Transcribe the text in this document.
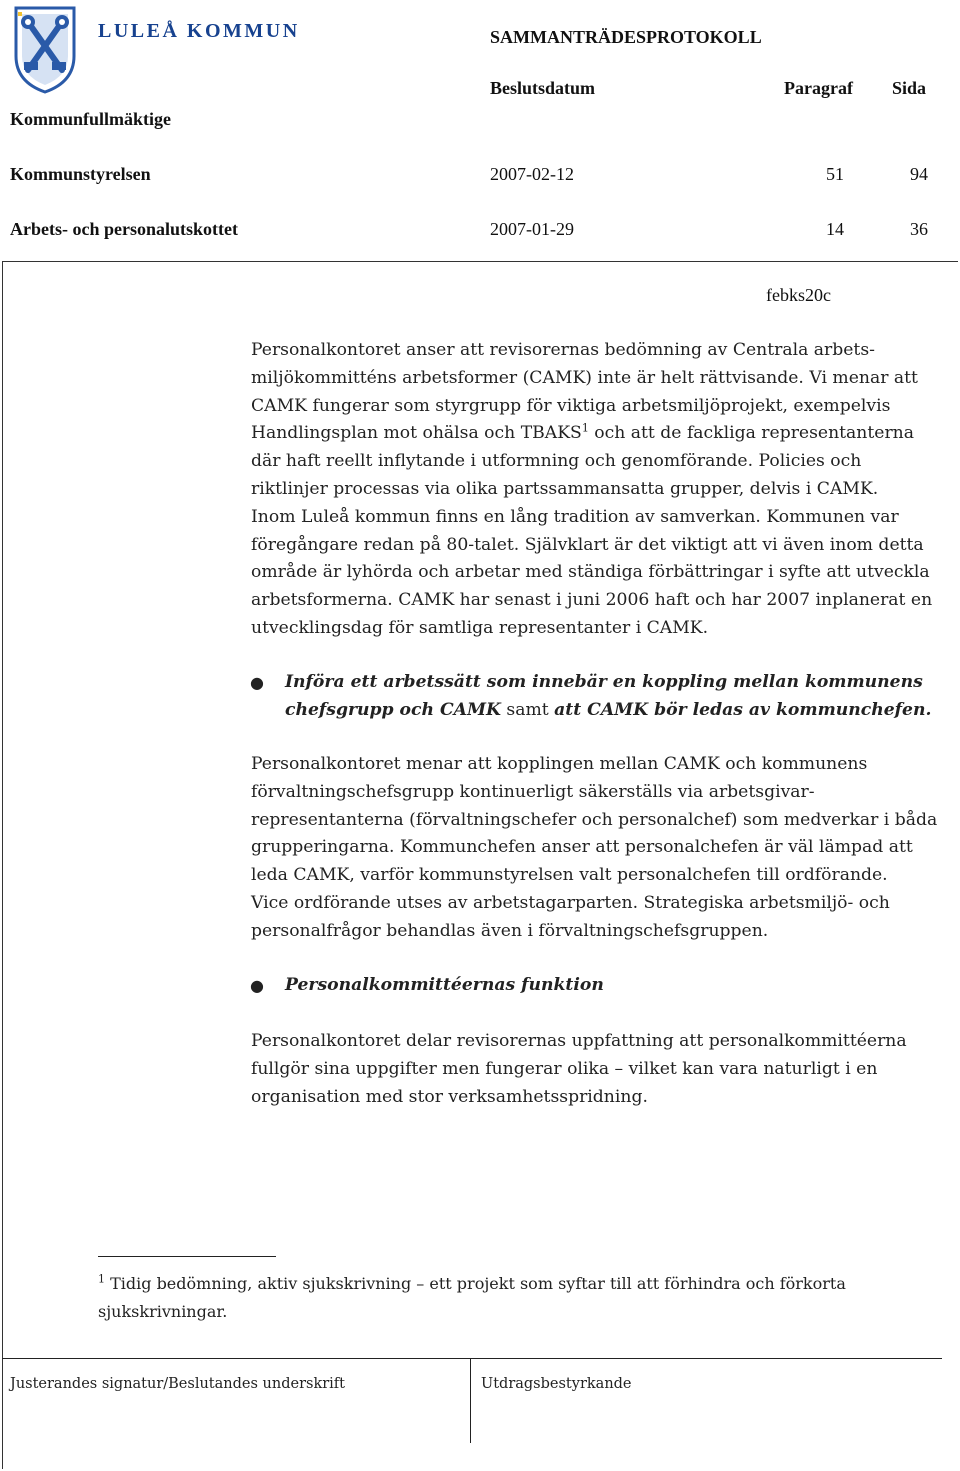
LULEÅ KOMMUN	SAMMANTRÄDESPROTOKOLL
Beslutsdatum	Paragraf Sida
Kommunfullmäktige
Kommunstyrelsen	2007-02-12	51	94
Arbets- och personalutskottet	2007-01-29	14	36
febks20c
Personalkontoret anser att revisorernas bedömning av Centrala arbets-
miljökommitténs arbetsformer (CAMK) inte är helt rättvisande. Vi menar att
CAMK fungerar som styrgrupp för viktiga arbetsmiljöprojekt, exempelvis
Handlingsplan mot ohälsa och TBAKS$^1$ och att de fackliga representanterna
där haft reellt inflytande i utformning och genomförande. Policies och
riktlinjer processas via olika partssammansatta grupper, delvis i CAMK.
Inom Luleå kommun finns en lång tradition av samverkan. Kommunen var
föregångare redan på 80-talet. Självklart är det viktigt att vi även inom detta
område är lyhörda och arbetar med ständiga förbättringar i syfte att utveckla
arbetsformerna. CAMK har senast i juni 2006 haft och har 2007 inplanerat en
utvecklingsdag för samtliga representanter i CAMK.
● Införa ett arbetssätt som innebär en koppling mellan kommunens
chefsgrupp och CAMK samt att CAMK bör ledas av kommunchefen.
Personalkontoret menar att kopplingen mellan CAMK och kommunens
förvaltningschefsgrupp kontinuerligt säkerställs via arbetsgivar-
representanterna (förvaltningschefer och personalchef) som medverkar i båda
grupperingarna. Kommunchefen anser att personalchefen är väl lämpad att
leda CAMK, varför kommunstyrelsen valt personalchefen till ordförande.
Vice ordförande utses av arbetstagarparten. Strategiska arbetsmiljö- och
personalfrågor behandlas även i förvaltningschefsgruppen.
● Personalkommittéernas funktion
Personalkontoret delar revisorernas uppfattning att personalkommittéerna
fullgör sina uppgifter men fungerar olika – vilket kan vara naturligt i en
organisation med stor verksamhetsspridning.
$^1$ Tidig bedömning, aktiv sjukskrivning – ett projekt som syftar till att förhindra och förkorta
sjukskrivningar.
Justerandes signatur/Beslutandes underskrift	Utdragsbestyrkande
